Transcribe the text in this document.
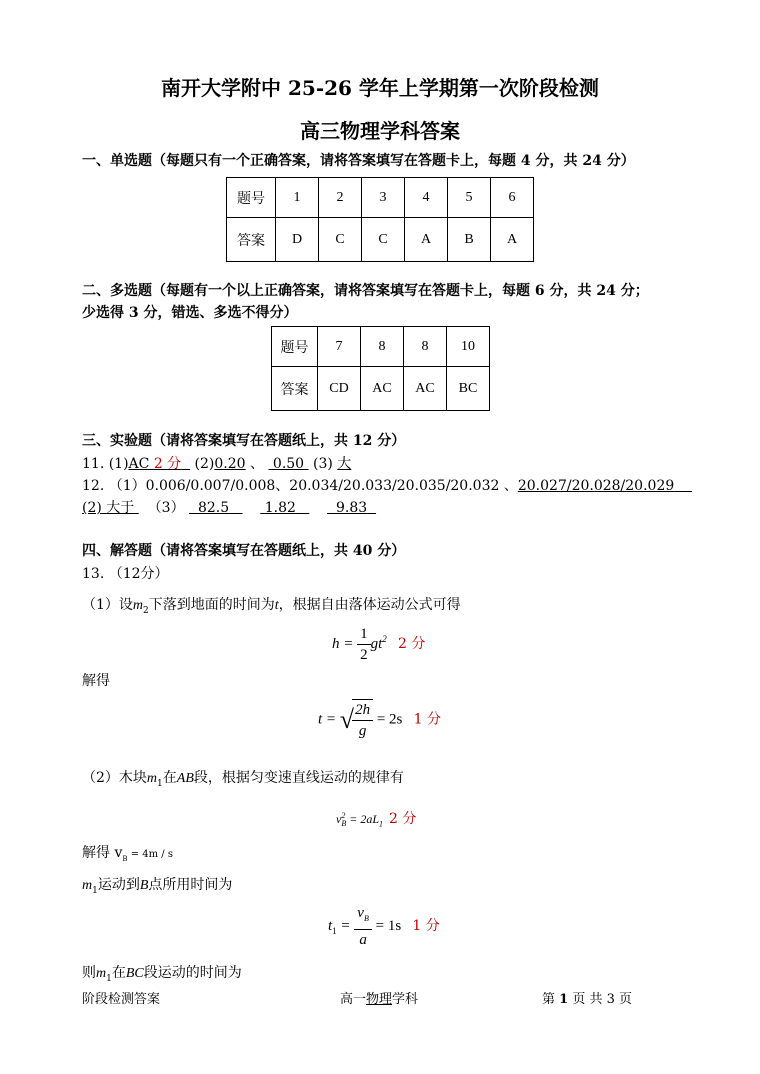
南开大学附中 25-26 学年上学期第一次阶段检测
高三物理学科答案
一、单选题（每题只有一个正确答案，请将答案填写在答题卡上，每题 4 分，共 24 分）
题号	1	2	3	4	5	6
答案	D	C	C	A	B	A
二、多选题（每题有一个以上正确答案，请将答案填写在答题卡上，每题 6 分，共 24 分；
少选得 3 分，错选、多选不得分）
题号	7	8	8	10
答案	CD	AC	AC	BC
三、实验题（请将答案填写在答题纸上，共 12 分）
11. (1)AC 2 分 (2)0.20 、 0.50 (3) 大
12. （1）0.006/0.007/0.008、20.034/20.033/20.035/20.032 、20.027/20.028/20.029
(2) 大于 （3） 82.5	1.82	9.83
四、解答题（请将答案填写在答题纸上，共 40 分）
13. （12分）
（1）设$m_2$下落到地面的时间为t，根据自由落体运动公式可得
$h = \frac{1}{2} gt^2$ 2 分
解得
t = √
$\frac{2h}{g} = 2s$ 1 分
（2）木块$m_1$在AB段，根据匀变速直线运动的规律有
v 2
$B = 2aL_1$ 2 分
解得 $v_B = 4m / s$
$m_1$运动到B点所用时间为
$t_1 = \frac{v_B}{a} = 1s$ 1 分
则$m_1$在BC段运动的时间为
阶段检测答案	高一物理学科	第 1 页 共 3 页
